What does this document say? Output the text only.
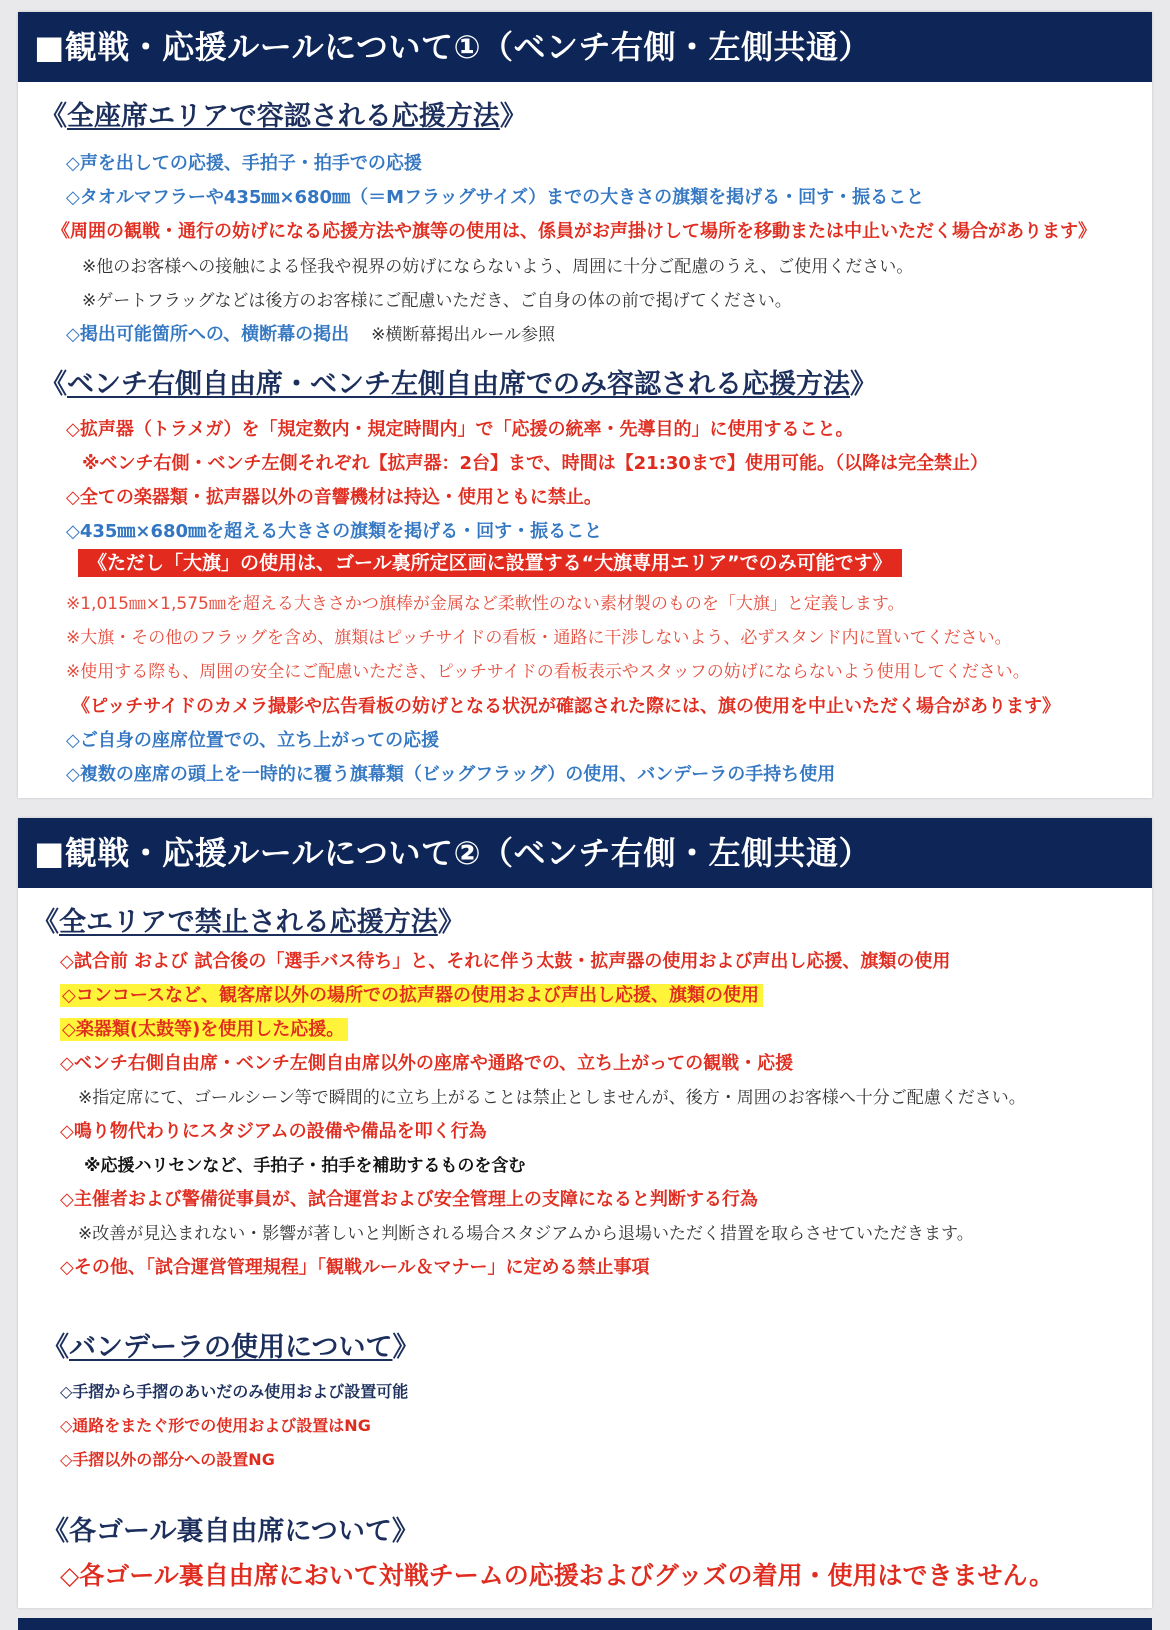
■観戦・応援ルールについて①（ベンチ右側・左側共通）
《全座席エリアで容認される応援方法》
◇声を出しての応援、手拍子・拍手での応援
◇タオルマフラーや435㎜×680㎜（＝Mフラッグサイズ）までの大きさの旗類を掲げる・回す・振ること
《周囲の観戦・通行の妨げになる応援方法や旗等の使用は、係員がお声掛けして場所を移動または中止いただく場合があります》
※他のお客様への接触による怪我や視界の妨げにならないよう、周囲に十分ご配慮のうえ、ご使用ください。
※ゲートフラッグなどは後方のお客様にご配慮いただき、ご自身の体の前で掲げてください。
◇掲出可能箇所への、横断幕の掲出 ※横断幕掲出ルール参照
《ベンチ右側自由席・ベンチ左側自由席でのみ容認される応援方法》
◇拡声器（トラメガ）を「規定数内・規定時間内」で「応援の統率・先導目的」に使用すること。
※ベンチ右側・ベンチ左側それぞれ【拡声器：2台】まで、時間は【21:30まで】使用可能。（以降は完全禁止）
◇全ての楽器類・拡声器以外の音響機材は持込・使用ともに禁止。
◇435㎜×680㎜を超える大きさの旗類を掲げる・回す・振ること
《ただし「大旗」の使用は、ゴール裏所定区画に設置する“大旗専用エリア”でのみ可能です》
※1,015㎜×1,575㎜を超える大きさかつ旗棒が金属など柔軟性のない素材製のものを「大旗」と定義します。
※大旗・その他のフラッグを含め、旗類はピッチサイドの看板・通路に干渉しないよう、必ずスタンド内に置いてください。
※使用する際も、周囲の安全にご配慮いただき、ピッチサイドの看板表示やスタッフの妨げにならないよう使用してください。
《ピッチサイドのカメラ撮影や広告看板の妨げとなる状況が確認された際には、旗の使用を中止いただく場合があります》
◇ご自身の座席位置での、立ち上がっての応援
◇複数の座席の頭上を一時的に覆う旗幕類（ビッグフラッグ）の使用、バンデーラの手持ち使用
■観戦・応援ルールについて②（ベンチ右側・左側共通）
《全エリアで禁止される応援方法》
◇試合前 および 試合後の「選手バス待ち」と、それに伴う太鼓・拡声器の使用および声出し応援、旗類の使用
◇コンコースなど、観客席以外の場所での拡声器の使用および声出し応援、旗類の使用
◇楽器類(太鼓等)を使用した応援。
◇ベンチ右側自由席・ベンチ左側自由席以外の座席や通路での、立ち上がっての観戦・応援
※指定席にて、ゴールシーン等で瞬間的に立ち上がることは禁止としませんが、後方・周囲のお客様へ十分ご配慮ください。
◇鳴り物代わりにスタジアムの設備や備品を叩く行為
※応援ハリセンなど、手拍子・拍手を補助するものを含む
◇主催者および警備従事員が、試合運営および安全管理上の支障になると判断する行為
※改善が見込まれない・影響が著しいと判断される場合スタジアムから退場いただく措置を取らさせていただきます。
◇その他、「試合運営管理規程」「観戦ルール＆マナー」に定める禁止事項
《バンデーラの使用について》
◇手摺から手摺のあいだのみ使用および設置可能
◇通路をまたぐ形での使用および設置はNG
◇手摺以外の部分への設置NG
《各ゴール裏自由席について》
◇各ゴール裏自由席において対戦チームの応援およびグッズの着用・使用はできません。
